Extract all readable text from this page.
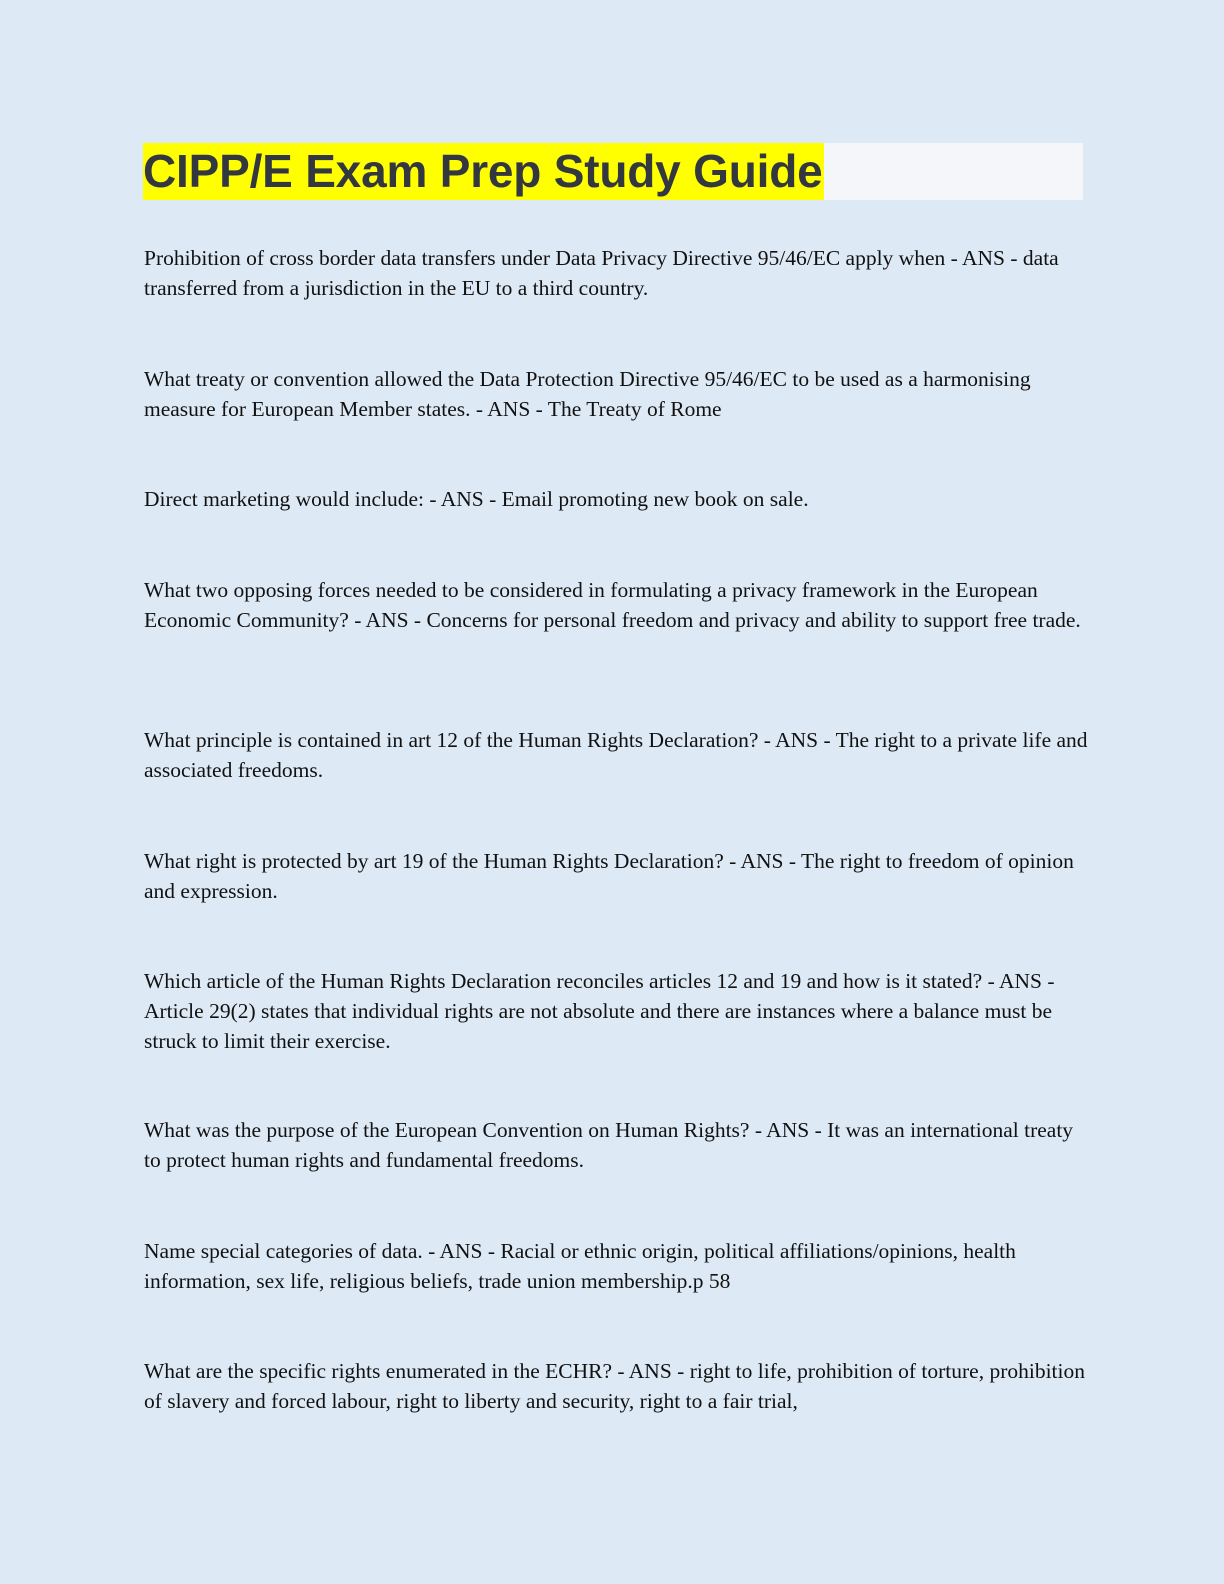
CIPP/E Exam Prep Study Guide

Prohibition of cross border data transfers under Data Privacy Directive 95/46/EC apply when - ANS - data transferred from a jurisdiction in the EU to a third country.

What treaty or convention allowed the Data Protection Directive 95/46/EC to be used as a harmonising measure for European Member states. - ANS - The Treaty of Rome

Direct marketing would include: - ANS - Email promoting new book on sale.

What two opposing forces needed to be considered in formulating a privacy framework in the European Economic Community? - ANS - Concerns for personal freedom and privacy and ability to support free trade.

What principle is contained in art 12 of the Human Rights Declaration? - ANS - The right to a private life and associated freedoms.

What right is protected by art 19 of the Human Rights Declaration? - ANS - The right to freedom of opinion and expression.

Which article of the Human Rights Declaration reconciles articles 12 and 19 and how is it stated? - ANS - Article 29(2) states that individual rights are not absolute and there are instances where a balance must be struck to limit their exercise.

What was the purpose of the European Convention on Human Rights? - ANS - It was an international treaty to protect human rights and fundamental freedoms.

Name special categories of data. - ANS - Racial or ethnic origin, political affiliations/opinions, health information, sex life, religious beliefs, trade union membership.p 58

What are the specific rights enumerated in the ECHR? - ANS - right to life, prohibition of torture, prohibition of slavery and forced labour, right to liberty and security, right to a fair trial,
